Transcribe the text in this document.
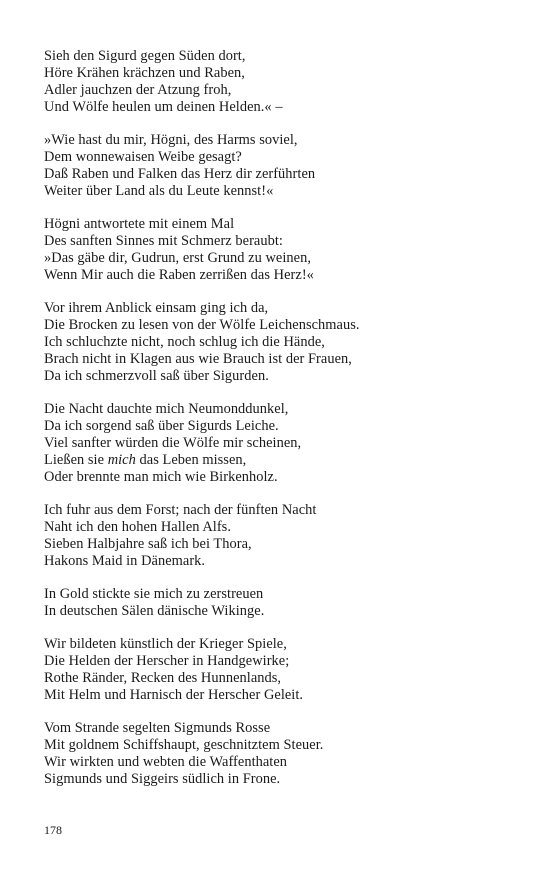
Sieh den Sigurd gegen Süden dort,
Höre Krähen krächzen und Raben,
Adler jauchzen der Atzung froh,
Und Wölfe heulen um deinen Helden.« –
»Wie hast du mir, Högni, des Harms soviel,
Dem wonnewaisen Weibe gesagt?
Daß Raben und Falken das Herz dir zerführten
Weiter über Land als du Leute kennst!«
Högni antwortete mit einem Mal
Des sanften Sinnes mit Schmerz beraubt:
»Das gäbe dir, Gudrun, erst Grund zu weinen,
Wenn Mir auch die Raben zerrißen das Herz!«
Vor ihrem Anblick einsam ging ich da,
Die Brocken zu lesen von der Wölfe Leichenschmaus.
Ich schluchzte nicht, noch schlug ich die Hände,
Brach nicht in Klagen aus wie Brauch ist der Frauen,
Da ich schmerzvoll saß über Sigurden.
Die Nacht dauchte mich Neumonddunkel,
Da ich sorgend saß über Sigurds Leiche.
Viel sanfter würden die Wölfe mir scheinen,
Ließen sie mich das Leben missen,
Oder brennte man mich wie Birkenholz.
Ich fuhr aus dem Forst; nach der fünften Nacht
Naht ich den hohen Hallen Alfs.
Sieben Halbjahre saß ich bei Thora,
Hakons Maid in Dänemark.
In Gold stickte sie mich zu zerstreuen
In deutschen Sälen dänische Wikinge.
Wir bildeten künstlich der Krieger Spiele,
Die Helden der Herscher in Handgewirke;
Rothe Ränder, Recken des Hunnenlands,
Mit Helm und Harnisch der Herscher Geleit.
Vom Strande segelten Sigmunds Rosse
Mit goldnem Schiffshaupt, geschnitztem Steuer.
Wir wirkten und webten die Waffenthaten
Sigmunds und Siggeirs südlich in Frone.
178
